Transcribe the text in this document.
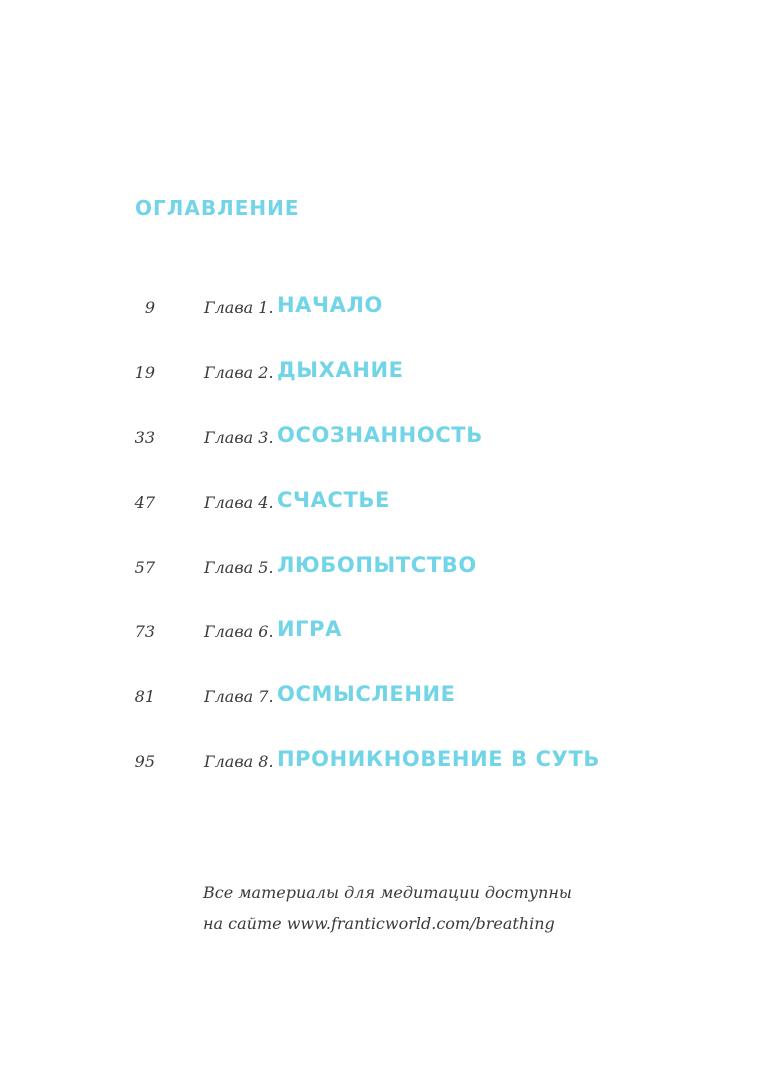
ОГЛАВЛЕНИЕ
9	Глава 1. НАЧАЛО
19	Глава 2. ДЫХАНИЕ
33	Глава 3. ОСОЗНАННОСТЬ
47	Глава 4. СЧАСТЬЕ
57	Глава 5. ЛЮБОПЫТСТВО
73	Глава 6. ИГРА
81	Глава 7. ОСМЫСЛЕНИЕ
95	Глава 8. ПРОНИКНОВЕНИЕ В СУТЬ
Все материалы для медитации доступны
на сайте www.franticworld.com/breathing
